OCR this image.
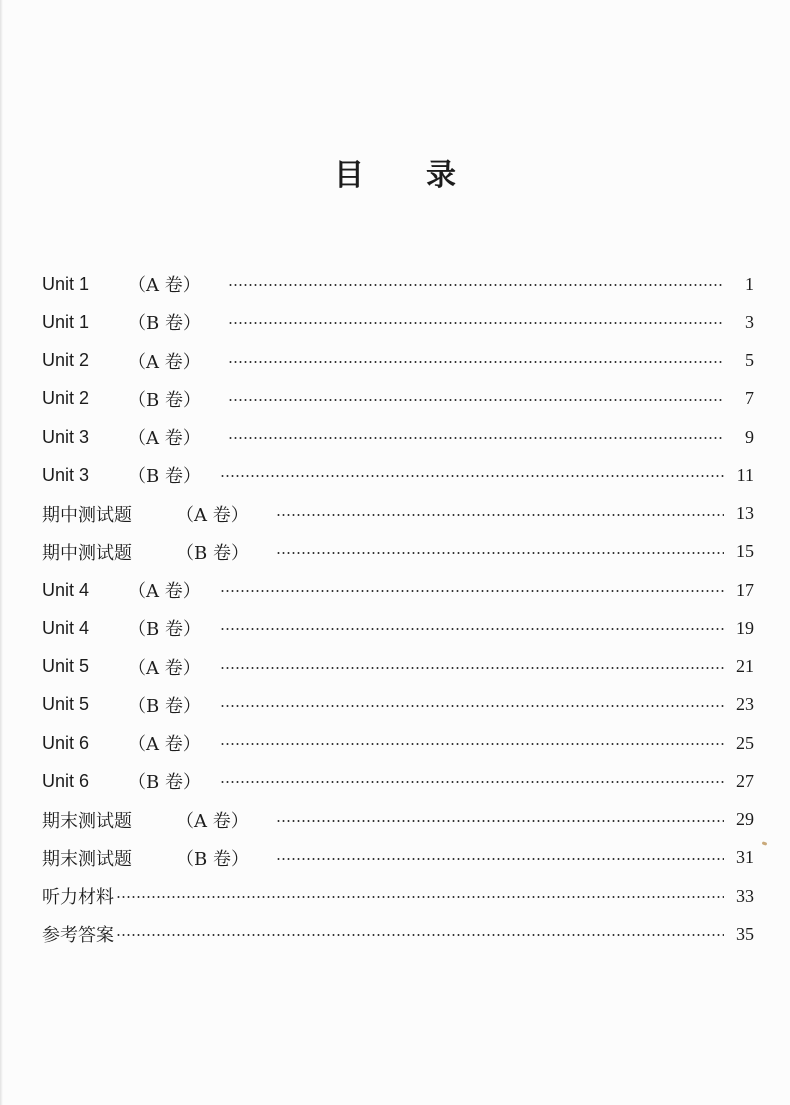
目 录
Unit 1	（A 卷）	1
Unit 1	（B 卷）	3
Unit 2	（A 卷）	5
Unit 2	（B 卷）	7
Unit 3	（A 卷）	9
Unit 3	（B 卷）	11
期中测试题	（A 卷）	13
期中测试题	（B 卷）	15
Unit 4	（A 卷）	17
Unit 4	（B 卷）	19
Unit 5	（A 卷）	21
Unit 5	（B 卷）	23
Unit 6	（A 卷）	25
Unit 6	（B 卷）	27
期末测试题	（A 卷）	29
期末测试题	（B 卷）	31
听力材料	33
参考答案	35
